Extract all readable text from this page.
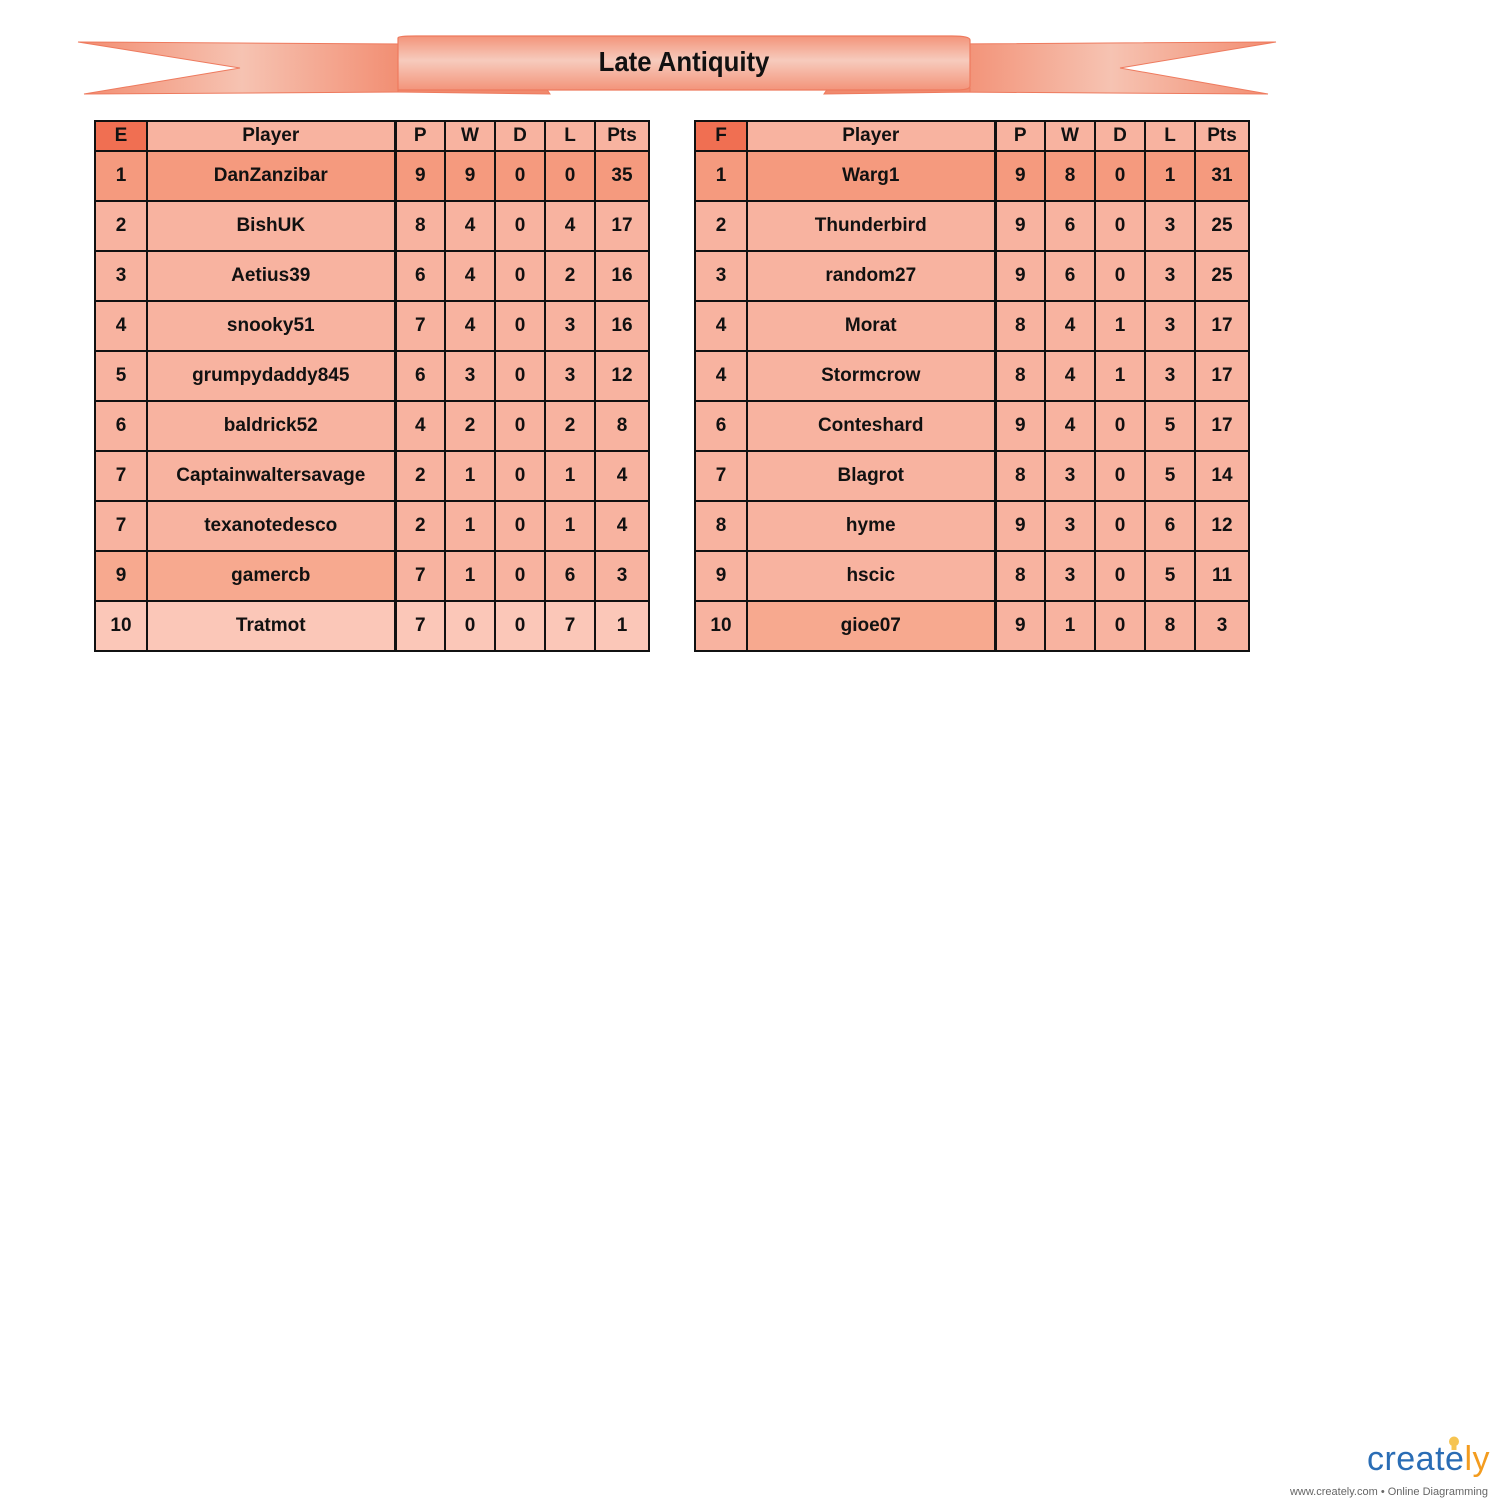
Late Antiquity
E	Player	P	W	D	L	Pts
1	DanZanzibar	9	9	0	0	35
2	BishUK	8	4	0	4	17
3	Aetius39	6	4	0	2	16
4	snooky51	7	4	0	3	16
5	grumpydaddy845	6	3	0	3	12
6	baldrick52	4	2	0	2	8
7	Captainwaltersavage	2	1	0	1	4
7	texanotedesco	2	1	0	1	4
9	gamercb	7	1	0	6	3
10	Tratmot	7	0	0	7	1
F	Player	P	W	D	L	Pts
1	Warg1	9	8	0	1	31
2	Thunderbird	9	6	0	3	25
3	random27	9	6	0	3	25
4	Morat	8	4	1	3	17
4	Stormcrow	8	4	1	3	17
6	Conteshard	9	4	0	5	17
7	Blagrot	8	3	0	5	14
8	hyme	9	3	0	6	12
9	hscic	8	3	0	5	11
10	gioe07	9	1	0	8	3
creately
www.creately.com • Online Diagramming
